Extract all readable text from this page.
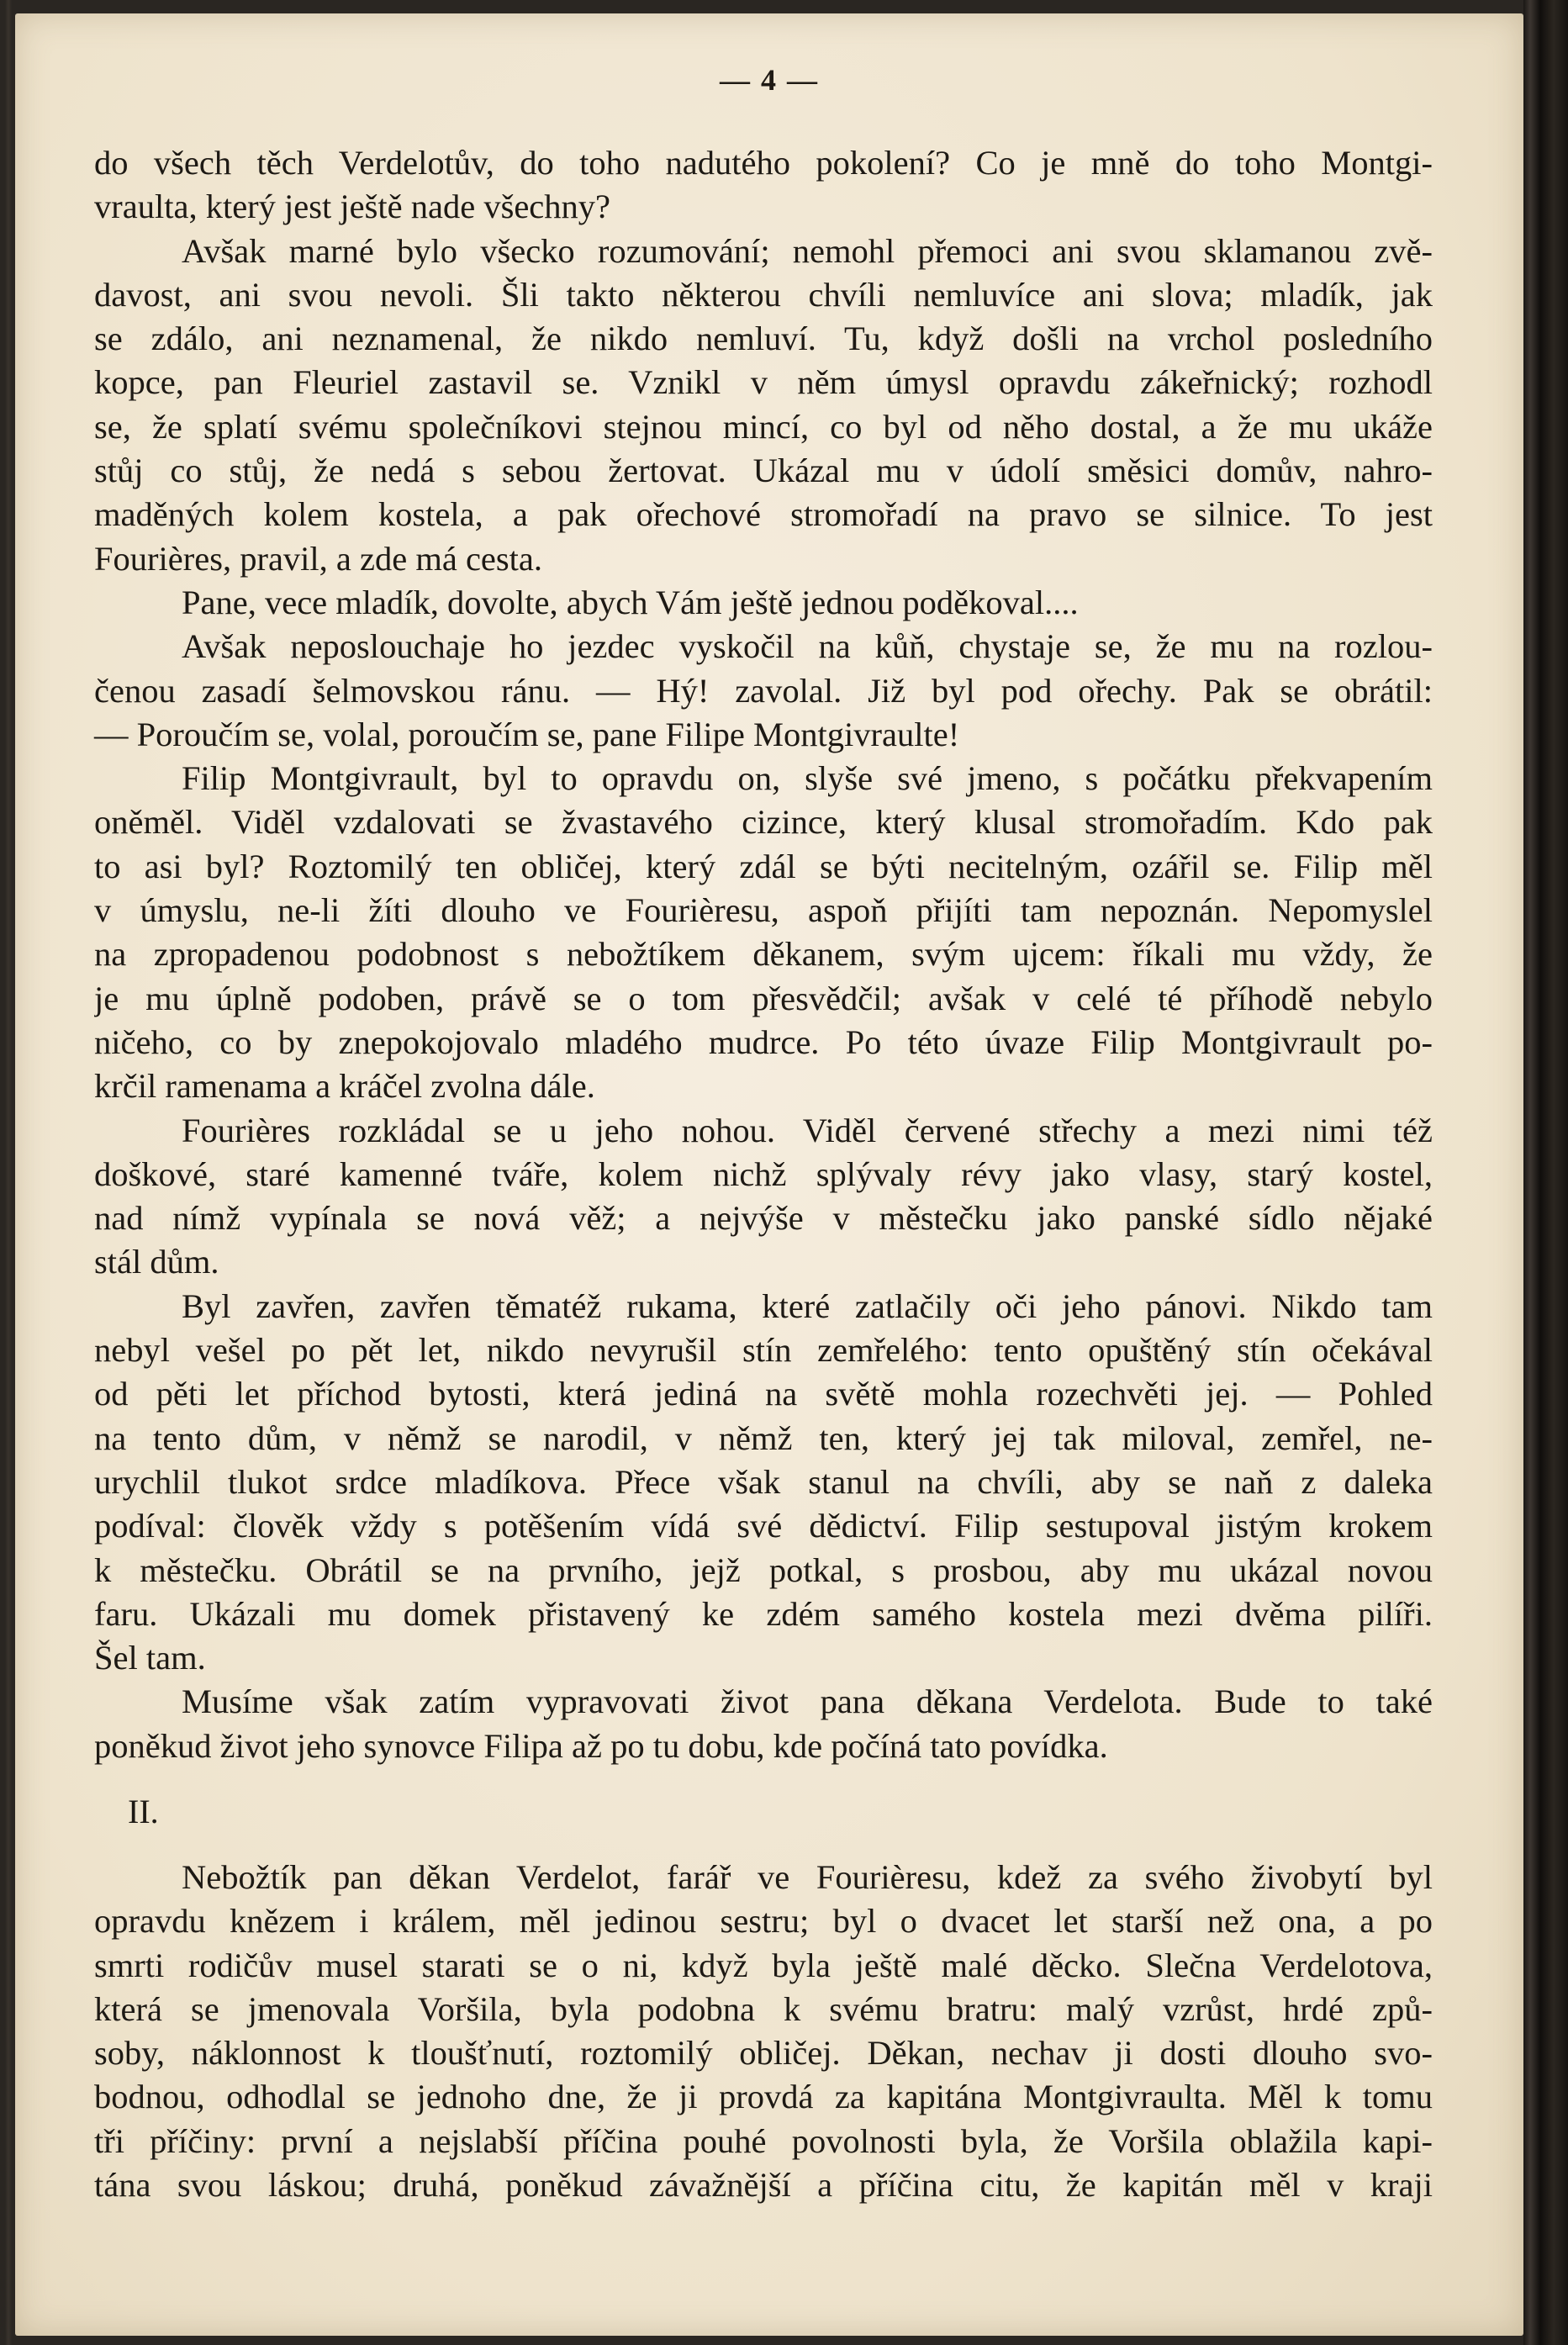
— 4 —
do všech těch Verdelotův, do toho nadutého pokolení? Co je mně do toho Montgi-
vraulta, který jest ještě nade všechny?
Avšak marné bylo všecko rozumování; nemohl přemoci ani svou sklamanou zvě-
davost, ani svou nevoli. Šli takto některou chvíli nemluvíce ani slova; mladík, jak
se zdálo, ani neznamenal, že nikdo nemluví. Tu, když došli na vrchol posledního
kopce, pan Fleuriel zastavil se. Vznikl v něm úmysl opravdu zákeřnický; rozhodl
se, že splatí svému společníkovi stejnou mincí, co byl od něho dostal, a že mu ukáže
stůj co stůj, že nedá s sebou žertovat. Ukázal mu v údolí směsici domův, nahro-
maděných kolem kostela, a pak ořechové stromořadí na pravo se silnice. To jest
Fourières, pravil, a zde má cesta.
Pane, vece mladík, dovolte, abych Vám ještě jednou poděkoval....
Avšak neposlouchaje ho jezdec vyskočil na kůň, chystaje se, že mu na rozlou-
čenou zasadí šelmovskou ránu. — Hý! zavolal. Již byl pod ořechy. Pak se obrátil:
— Poroučím se, volal, poroučím se, pane Filipe Montgivraulte!
Filip Montgivrault, byl to opravdu on, slyše své jmeno, s počátku překvapením
oněměl. Viděl vzdalovati se žvastavého cizince, který klusal stromořadím. Kdo pak
to asi byl? Roztomilý ten obličej, který zdál se býti necitelným, ozářil se. Filip měl
v úmyslu, ne-li žíti dlouho ve Fourièresu, aspoň přijíti tam nepoznán. Nepomyslel
na zpropadenou podobnost s nebožtíkem děkanem, svým ujcem: říkali mu vždy, že
je mu úplně podoben, právě se o tom přesvědčil; avšak v celé té příhodě nebylo
ničeho, co by znepokojovalo mladého mudrce. Po této úvaze Filip Montgivrault po-
krčil ramenama a kráčel zvolna dále.
Fourières rozkládal se u jeho nohou. Viděl červené střechy a mezi nimi též
doškové, staré kamenné tváře, kolem nichž splývaly révy jako vlasy, starý kostel,
nad nímž vypínala se nová věž; a nejvýše v městečku jako panské sídlo nějaké
stál dům.
Byl zavřen, zavřen těmatéž rukama, které zatlačily oči jeho pánovi. Nikdo tam
nebyl vešel po pět let, nikdo nevyrušil stín zemřelého: tento opuštěný stín očekával
od pěti let příchod bytosti, která jediná na světě mohla rozechvěti jej. — Pohled
na tento dům, v němž se narodil, v němž ten, který jej tak miloval, zemřel, ne-
urychlil tlukot srdce mladíkova. Přece však stanul na chvíli, aby se naň z daleka
podíval: člověk vždy s potěšením vídá své dědictví. Filip sestupoval jistým krokem
k městečku. Obrátil se na prvního, jejž potkal, s prosbou, aby mu ukázal novou
faru. Ukázali mu domek přistavený ke zdém samého kostela mezi dvěma pilíři.
Šel tam.
Musíme však zatím vypravovati život pana děkana Verdelota. Bude to také
poněkud život jeho synovce Filipa až po tu dobu, kde počíná tato povídka.
II.
Nebožtík pan děkan Verdelot, farář ve Fourièresu, kdež za svého živobytí byl
opravdu knězem i králem, měl jedinou sestru; byl o dvacet let starší než ona, a po
smrti rodičův musel starati se o ni, když byla ještě malé děcko. Slečna Verdelotova,
která se jmenovala Voršila, byla podobna k svému bratru: malý vzrůst, hrdé způ-
soby, náklonnost k tloušťnutí, roztomilý obličej. Děkan, nechav ji dosti dlouho svo-
bodnou, odhodlal se jednoho dne, že ji provdá za kapitána Montgivraulta. Měl k tomu
tři příčiny: první a nejslabší příčina pouhé povolnosti byla, že Voršila oblažila kapi-
tána svou láskou; druhá, poněkud závažnější a příčina citu, že kapitán měl v kraji
